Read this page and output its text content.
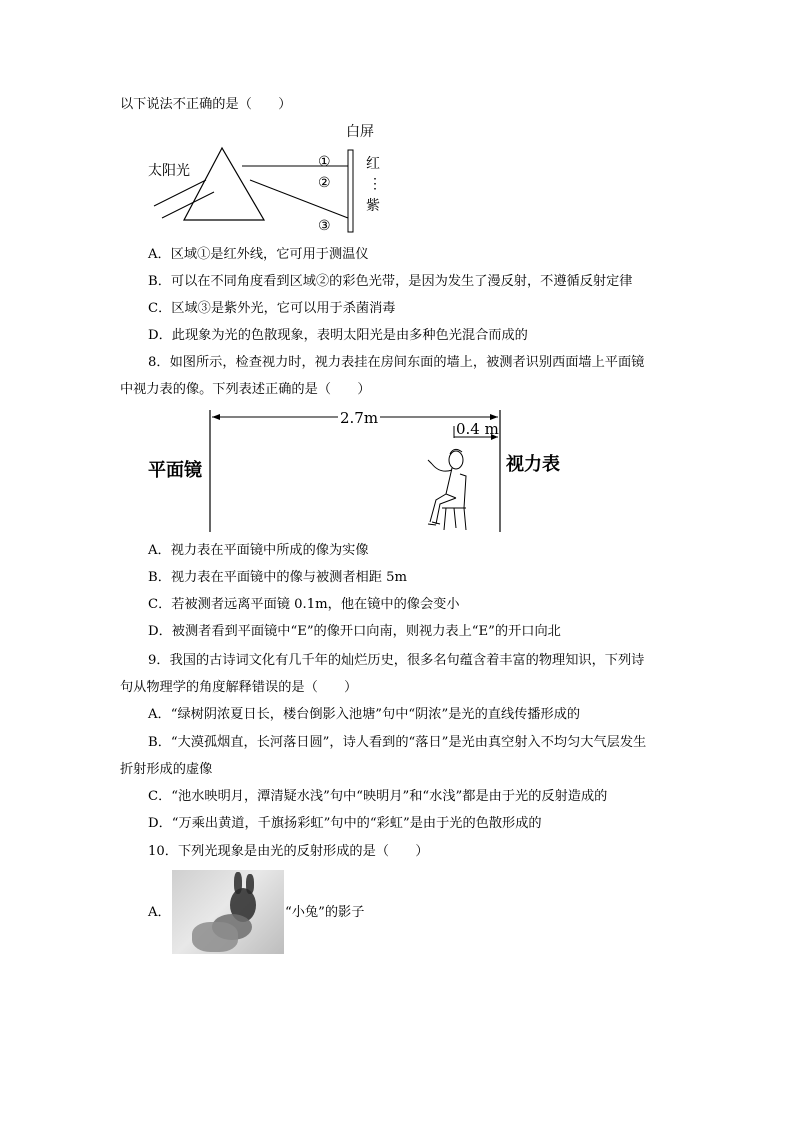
以下说法不正确的是（　　）
白屏
太阳光
①
②
③
红
⋮
紫
A．区域①是红外线，它可用于测温仪
B．可以在不同角度看到区域②的彩色光带，是因为发生了漫反射，不遵循反射定律
C．区域③是紫外光，它可以用于杀菌消毒
D．此现象为光的色散现象，表明太阳光是由多种色光混合而成的
8．如图所示，检查视力时，视力表挂在房间东面的墙上，被测者识别西面墙上平面镜
中视力表的像。下列表述正确的是（　　）
2.7m
0.4 m
平面镜	视力表
A．视力表在平面镜中所成的像为实像
B．视力表在平面镜中的像与被测者相距 5m
C．若被测者远离平面镜 0.1m，他在镜中的像会变小
D．被测者看到平面镜中“E”的像开口向南，则视力表上“E”的开口向北
9．我国的古诗词文化有几千年的灿烂历史，很多名句蕴含着丰富的物理知识，下列诗
句从物理学的角度解释错误的是（　　）
A．“绿树阴浓夏日长，楼台倒影入池塘”句中“阴浓”是光的直线传播形成的
B．“大漠孤烟直，长河落日圆”，诗人看到的“落日”是光由真空射入不均匀大气层发生
折射形成的虚像
C．“池水映明月，潭清疑水浅”句中“映明月”和“水浅”都是由于光的反射造成的
D．“万乘出黄道，千旗扬彩虹”句中的“彩虹”是由于光的色散形成的
10．下列光现象是由光的反射形成的是（　　）
A．	“小兔”的影子
